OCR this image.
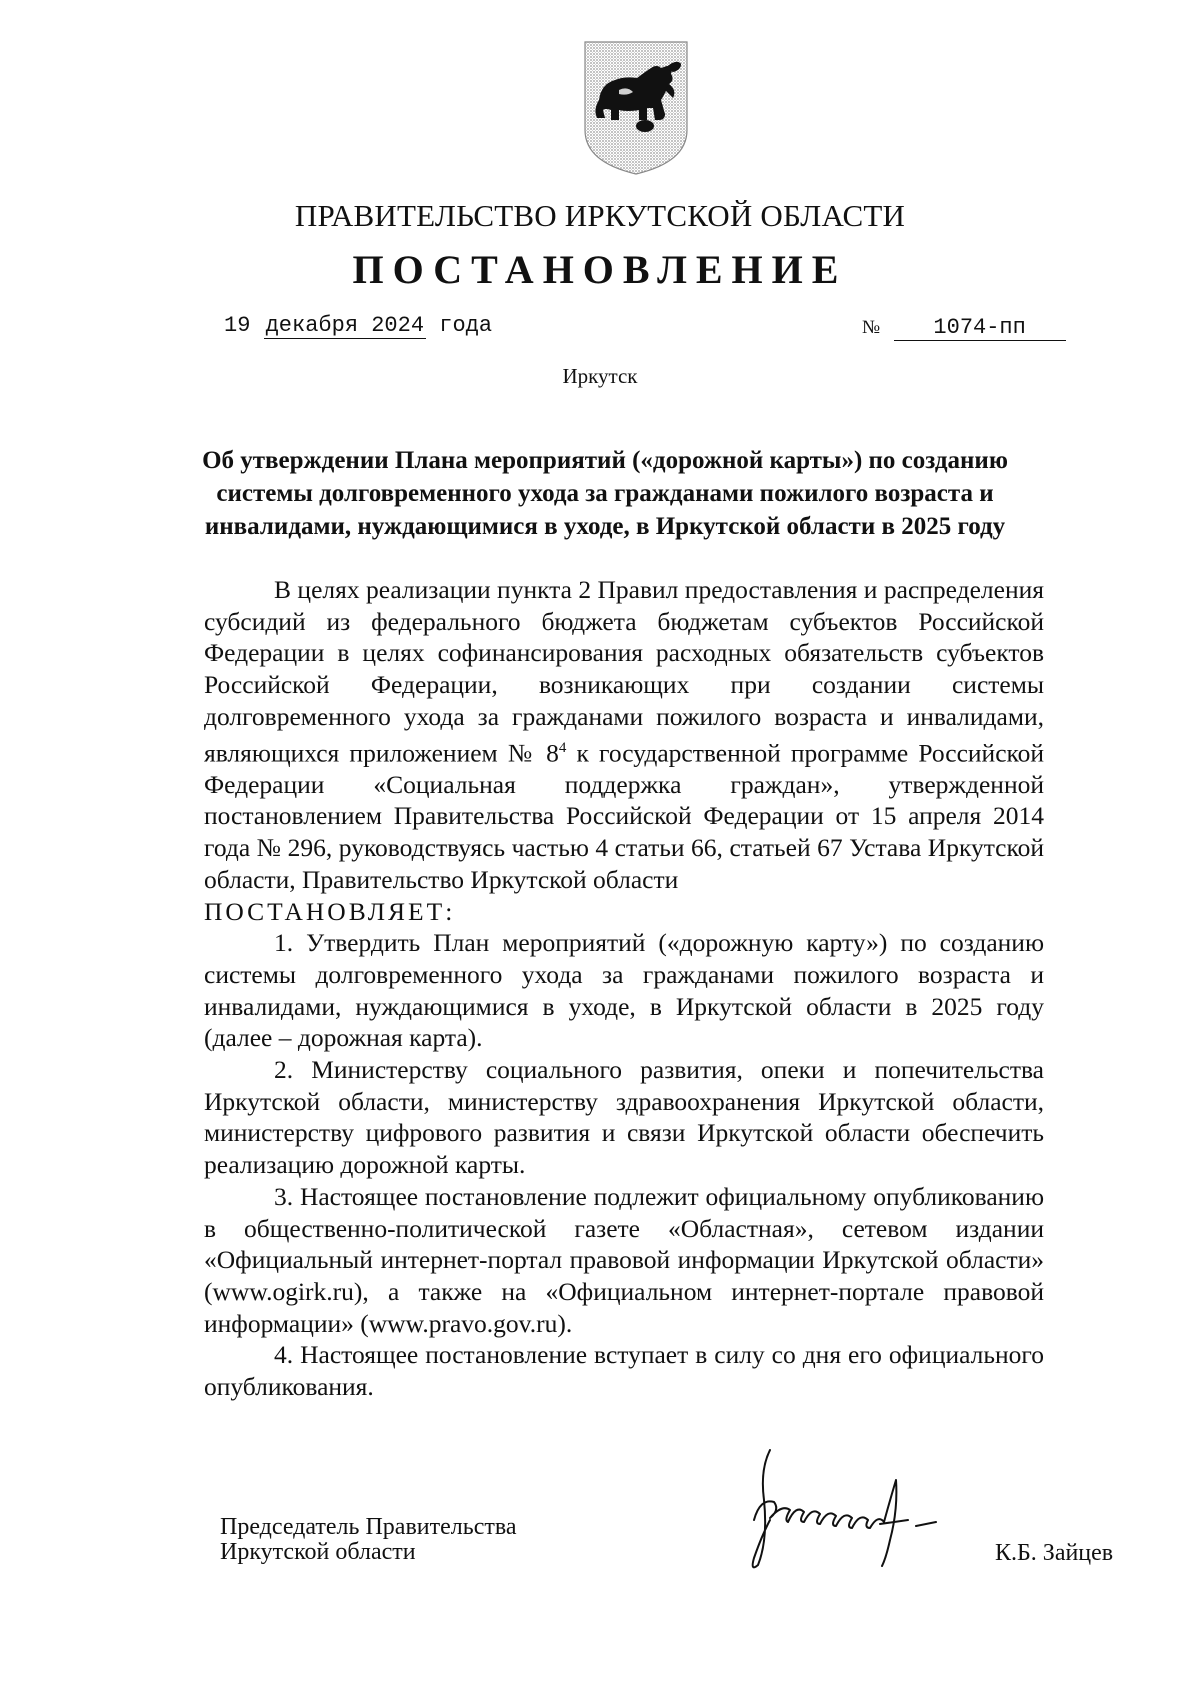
ПРАВИТЕЛЬСТВО ИРКУТСКОЙ ОБЛАСТИ
ПОСТАНОВЛЕНИЕ
19 декабря 2024 года	№ 1074-пп
Иркутск
Об утверждении Плана мероприятий («дорожной карты») по созданию системы долговременного ухода за гражданами пожилого возраста и инвалидами, нуждающимися в уходе, в Иркутской области в 2025 году

В целях реализации пункта 2 Правил предоставления и распределения субсидий из федерального бюджета бюджетам субъектов Российской Федерации в целях софинансирования расходных обязательств субъектов Российской Федерации, возникающих при создании системы долговременного ухода за гражданами пожилого возраста и инвалидами, являющихся приложением № $8^4$ к государственной программе Российской Федерации «Социальная поддержка граждан», утвержденной постановлением Правительства Российской Федерации от 15 апреля 2014 года № 296, руководствуясь частью 4 статьи 66, статьей 67 Устава Иркутской области, Правительство Иркутской области

ПОСТАНОВЛЯЕТ:

1. Утвердить План мероприятий («дорожную карту») по созданию системы долговременного ухода за гражданами пожилого возраста и инвалидами, нуждающимися в уходе, в Иркутской области в 2025 году (далее – дорожная карта).

2. Министерству социального развития, опеки и попечительства Иркутской области, министерству здравоохранения Иркутской области, министерству цифрового развития и связи Иркутской области обеспечить реализацию дорожной карты.

3. Настоящее постановление подлежит официальному опубликованию в общественно-политической газете «Областная», сетевом издании «Официальный интернет-портал правовой информации Иркутской области» (www.ogirk.ru), а также на «Официальном интернет-портале правовой информации» (www.pravo.gov.ru).

4. Настоящее постановление вступает в силу со дня его официального опубликования.

Председатель Правительства
Иркутской области	К.Б. Зайцев
